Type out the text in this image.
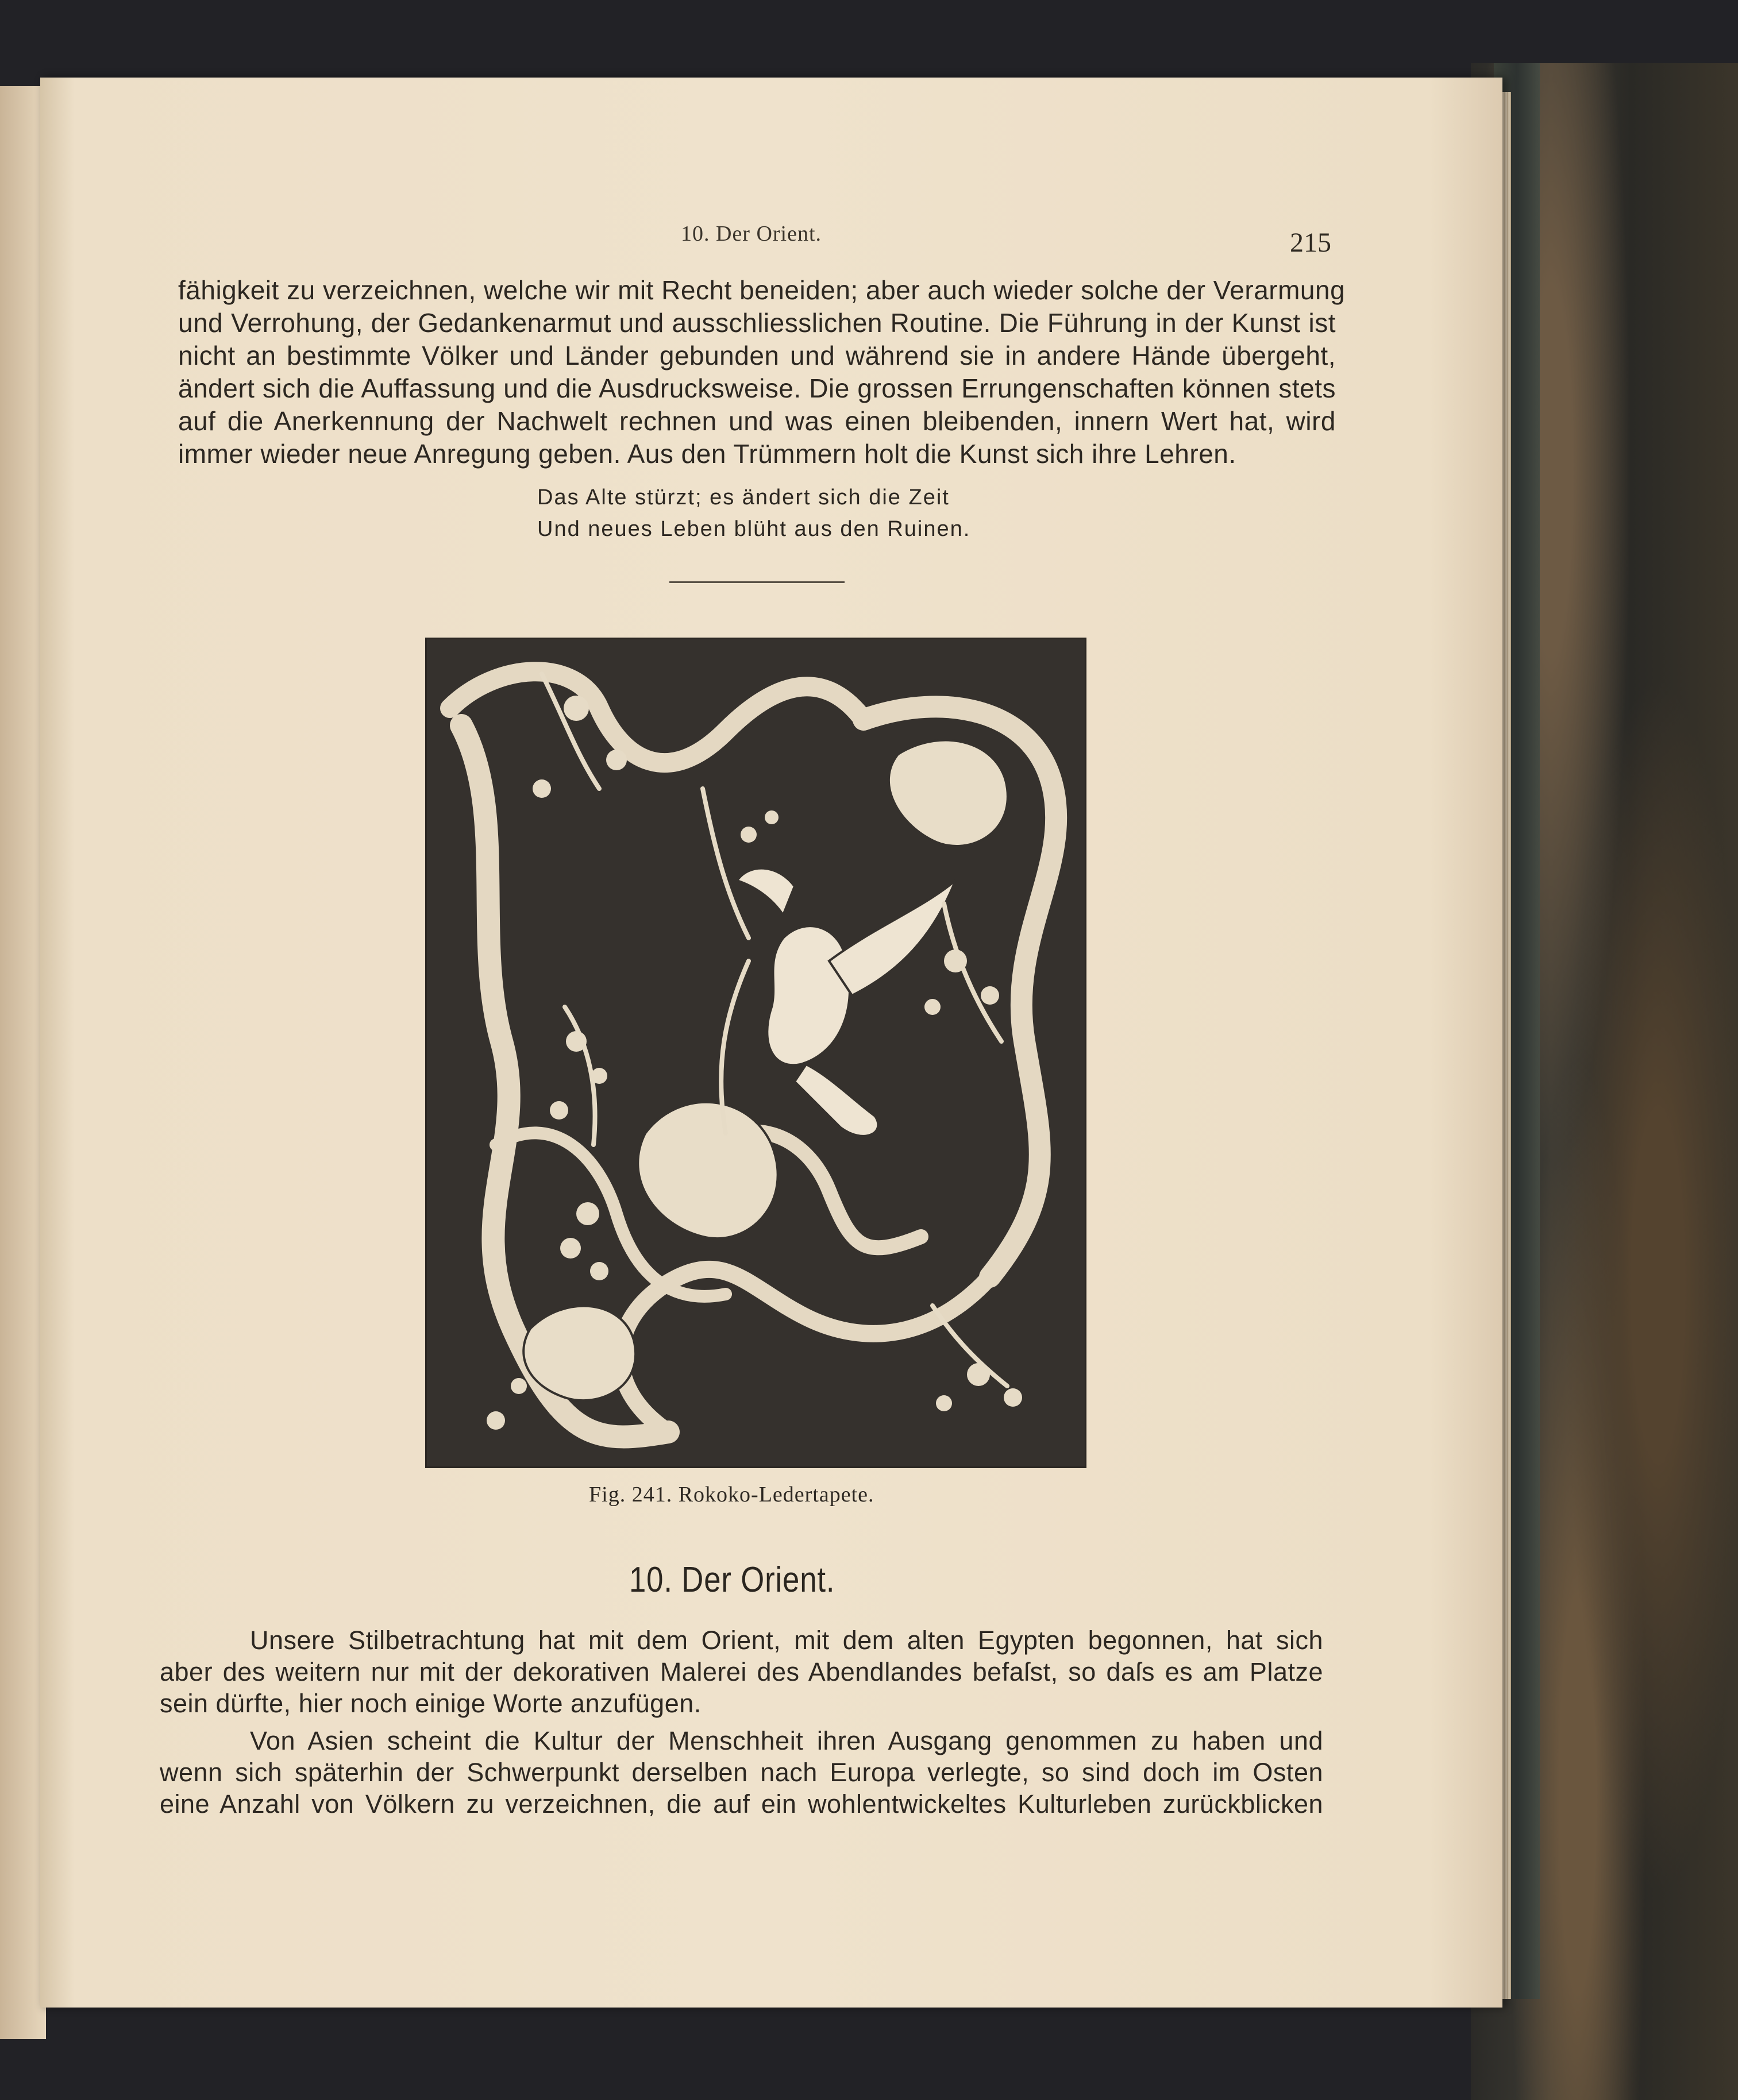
10. Der Orient.	215
fähigkeit zu verzeichnen, welche wir mit Recht beneiden; aber auch wieder solche der Verarmung
und Verrohung, der Gedankenarmut und ausschliesslichen Routine. Die Führung in der Kunst ist
nicht an bestimmte Völker und Länder gebunden und während sie in andere Hände übergeht,
ändert sich die Auffassung und die Ausdrucksweise. Die grossen Errungenschaften können stets
auf die Anerkennung der Nachwelt rechnen und was einen bleibenden, innern Wert hat, wird
immer wieder neue Anregung geben. Aus den Trümmern holt die Kunst sich ihre Lehren.
Das Alte stürzt; es ändert sich die Zeit
Und neues Leben blüht aus den Ruinen.
Fig. 241. Rokoko-Ledertapete.
10. Der Orient.
Unsere Stilbetrachtung hat mit dem Orient, mit dem alten Egypten begonnen, hat sich
aber des weitern nur mit der dekorativen Malerei des Abendlandes befaſst, so daſs es am Platze
sein dürfte, hier noch einige Worte anzufügen.
Von Asien scheint die Kultur der Menschheit ihren Ausgang genommen zu haben und
wenn sich späterhin der Schwerpunkt derselben nach Europa verlegte, so sind doch im Osten
eine Anzahl von Völkern zu verzeichnen, die auf ein wohlentwickeltes Kulturleben zurückblicken
